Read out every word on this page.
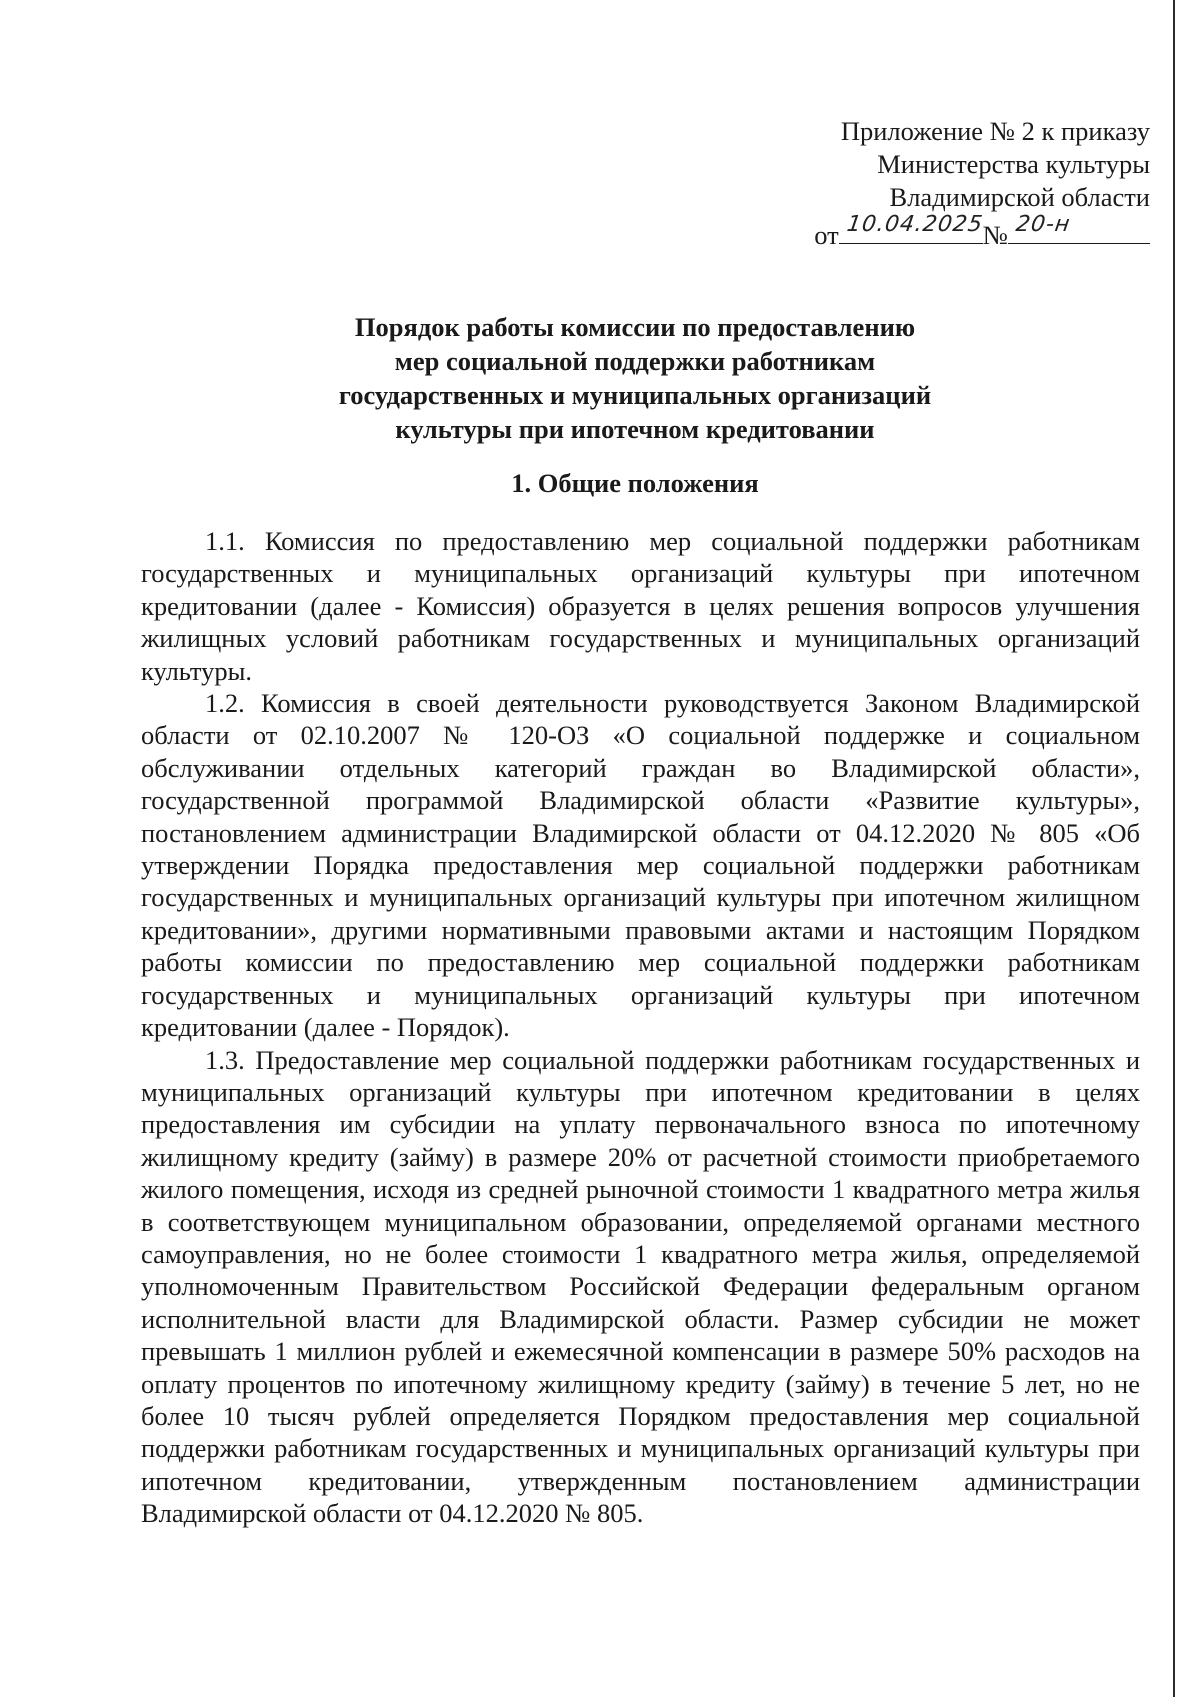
Приложение № 2 к приказу
Министерства культуры
Владимирской области
от 10.04.2025
№ 20-н
Порядок работы комиссии по предоставлению
мер социальной поддержки работникам
государственных и муниципальных организаций
культуры при ипотечном кредитовании
1. Общие положения

1.1. Комиссия по предоставлению мер социальной поддержки работникам государственных и муниципальных организаций культуры при ипотечном кредитовании (далее - Комиссия) образуется в целях решения вопросов улучшения жилищных условий работникам государственных и муниципальных организаций культуры.

1.2. Комиссия в своей деятельности руководствуется Законом Владимирской области от 02.10.2007 № 120-ОЗ «О социальной поддержке и социальном обслуживании отдельных категорий граждан во Владимирской области», государственной программой Владимирской области «Развитие культуры», постановлением администрации Владимирской области от 04.12.2020 № 805 «Об утверждении Порядка предоставления мер социальной поддержки работникам государственных и муниципальных организаций культуры при ипотечном жилищном кредитовании», другими нормативными правовыми актами и настоящим Порядком работы комиссии по предоставлению мер социальной поддержки работникам государственных и муниципальных организаций культуры при ипотечном кредитовании (далее - Порядок).

1.3. Предоставление мер социальной поддержки работникам государственных и муниципальных организаций культуры при ипотечном кредитовании в целях предоставления им субсидии на уплату первоначального взноса по ипотечному жилищному кредиту (займу) в размере 20% от расчетной стоимости приобретаемого жилого помещения, исходя из средней рыночной стоимости 1 квадратного метра жилья в соответствующем муниципальном образовании, определяемой органами местного самоуправления, но не более стоимости 1 квадратного метра жилья, определяемой уполномоченным Правительством Российской Федерации федеральным органом исполнительной власти для Владимирской области. Размер субсидии не может превышать 1 миллион рублей и ежемесячной компенсации в размере 50% расходов на оплату процентов по ипотечному жилищному кредиту (займу) в течение 5 лет, но не более 10 тысяч рублей определяется Порядком предоставления мер социальной поддержки работникам государственных и муниципальных организаций культуры при ипотечном кредитовании, утвержденным постановлением администрации Владимирской области от 04.12.2020 № 805.
